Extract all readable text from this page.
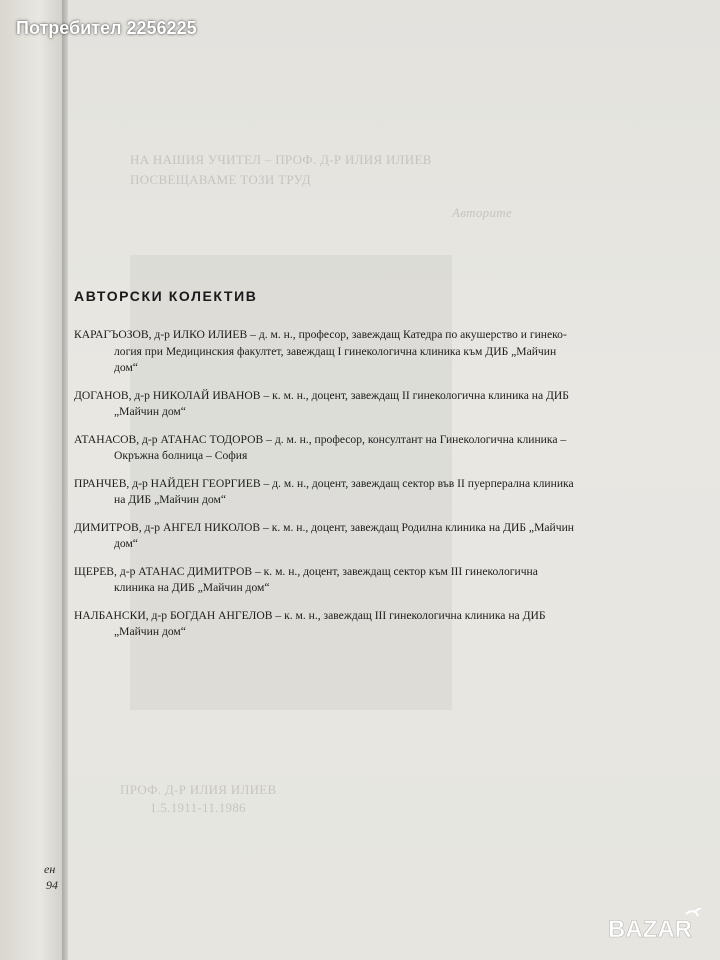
ен
94
НА НАШИЯ УЧИТЕЛ – ПРОФ. Д-Р ИЛИЯ ИЛИЕВ
ПОСВЕЩАВАМЕ ТОЗИ ТРУД
Авторите
ПРОФ. Д-Р ИЛИЯ ИЛИЕВ
1.5.1911-11.1986
АВТОРСКИ КОЛЕКТИВ
КАРАГЪОЗОВ, д-р ИЛКО ИЛИЕВ – д. м. н., професор, завеждащ Катедра по акушерство и гинеко-
логия при Медицинския факултет, завеждащ I гинекологична клиника към ДИБ „Майчин
дом“
ДОГАНОВ, д-р НИКОЛАЙ ИВАНОВ – к. м. н., доцент, завеждащ II гинекологична клиника на ДИБ
„Майчин дом“
АТАНАСОВ, д-р АТАНАС ТОДОРОВ – д. м. н., професор, консултант на Гинекологична клиника –
Окръжна болница – София
ПРАНЧЕВ, д-р НАЙДЕН ГЕОРГИЕВ – д. м. н., доцент, завеждащ сектор във II пуерперална клиника
на ДИБ „Майчин дом“
ДИМИТРОВ, д-р АНГЕЛ НИКОЛОВ – к. м. н., доцент, завеждащ Родилна клиника на ДИБ „Майчин
дом“
ЩЕРЕВ, д-р АТАНАС ДИМИТРОВ – к. м. н., доцент, завеждащ сектор към III гинекологична
клиника на ДИБ „Майчин дом“
НАЛБАНСКИ, д-р БОГДАН АНГЕЛОВ – к. м. н., завеждащ III гинекологична клиника на ДИБ
„Майчин дом“
Потребител 2256225
BAZAR
